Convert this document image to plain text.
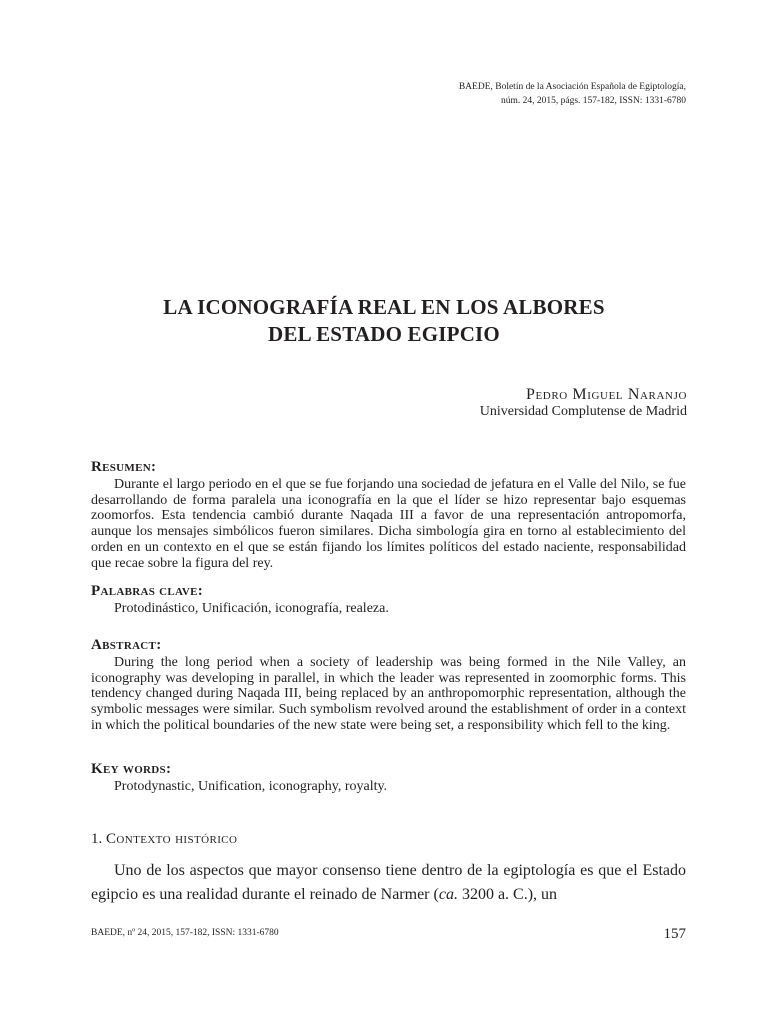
BAEDE, Boletín de la Asociación Española de Egiptología,
núm. 24, 2015, págs. 157-182, ISSN: 1331-6780
LA ICONOGRAFÍA REAL EN LOS ALBORES
DEL ESTADO EGIPCIO
Pedro Miguel Naranjo
Universidad Complutense de Madrid

Resumen:

Durante el largo periodo en el que se fue forjando una sociedad de jefatura en el Valle del Nilo, se fue desarrollando de forma paralela una iconografía en la que el líder se hizo representar bajo esquemas zoomorfos. Esta tendencia cambió durante Naqada III a favor de una representación antropomorfa, aunque los mensajes simbólicos fueron similares. Dicha simbología gira en torno al establecimiento del orden en un contexto en el que se están fijando los límites políticos del estado naciente, responsabilidad que recae sobre la figura del rey.

Palabras clave:

Protodinástico, Unificación, iconografía, realeza.

Abstract:

During the long period when a society of leadership was being formed in the Nile Valley, an iconography was developing in parallel, in which the leader was represented in zoomorphic forms. This tendency changed during Naqada III, being replaced by an anthropomorphic representation, although the symbolic messages were similar. Such symbolism revolved around the establishment of order in a context in which the political boundaries of the new state were being set, a responsibility which fell to the king.

Key words:

Protodynastic, Unification, iconography, royalty.

1. Contexto histórico

Uno de los aspectos que mayor consenso tiene dentro de la egiptología es que el Estado egipcio es una realidad durante el reinado de Narmer (ca. 3200 a. C.), un

BAEDE, nº 24, 2015, 157-182, ISSN: 1331-6780	157
